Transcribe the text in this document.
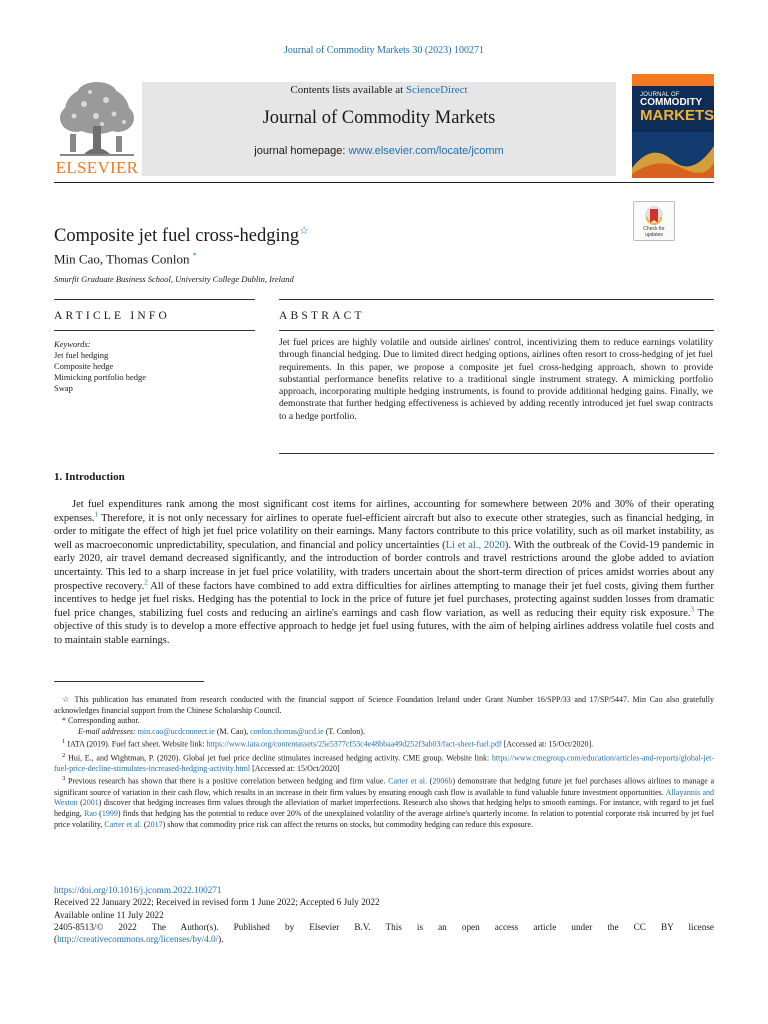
Journal of Commodity Markets 30 (2023) 100271
ELSEVIER
Contents lists available at ScienceDirect
Journal of Commodity Markets
journal homepage: www.elsevier.com/locate/jcomm
JOURNAL OF
COMMODITY
MARKETS
Check for updates
Composite jet fuel cross-hedging☆
Min Cao, Thomas Conlon *
Smurfit Graduate Business School, University College Dublin, Ireland
ARTICLE INFO	ABSTRACT
Keywords:
Jet fuel hedging
Composite hedge
Mimicking portfolio hedge
Swap
Jet fuel prices are highly volatile and outside airlines' control, incentivizing them to reduce earnings volatility through financial hedging. Due to limited direct hedging options, airlines often resort to cross-hedging of jet fuel requirements. In this paper, we propose a composite jet fuel cross-hedging approach, shown to provide substantial performance benefits relative to a traditional single instrument strategy. A mimicking portfolio approach, incorporating multiple hedging instruments, is found to provide additional hedging gains. Finally, we demonstrate that further hedging effectiveness is achieved by adding recently introduced jet fuel swap contracts to a hedge portfolio.
1. Introduction
Jet fuel expenditures rank among the most significant cost items for airlines, accounting for somewhere between 20% and 30% of their operating expenses.$^1$ Therefore, it is not only necessary for airlines to operate fuel-efficient aircraft but also to execute other strategies, such as financial hedging, in order to mitigate the effect of high jet fuel price volatility on their earnings. Many factors contribute to this price volatility, such as oil market instability, as well as macroeconomic unpredictability, speculation, and financial and policy uncertainties (Li et al., 2020). With the outbreak of the Covid-19 pandemic in early 2020, air travel demand decreased significantly, and the introduction of border controls and travel restrictions around the globe added to aviation uncertainty. This led to a sharp increase in jet fuel price volatility, with traders uncertain about the short-term direction of prices amidst worries about any prospective recovery.$^2$ All of these factors have combined to add extra difficulties for airlines attempting to manage their jet fuel costs, giving them further incentives to hedge jet fuel risks. Hedging has the potential to lock in the price of future jet fuel purchases, protecting against sudden losses from dramatic fuel price changes, stabilizing fuel costs and reducing an airline's earnings and cash flow variation, as well as reducing their equity risk exposure.$^3$ The objective of this study is to develop a more effective approach to hedge jet fuel using futures, with the aim of helping airlines address volatile fuel costs and to maintain stable earnings.

☆ This publication has emanated from research conducted with the financial support of Science Foundation Ireland under Grant Number 16/SPP/33 and 17/SP/5447. Min Cao also gratefully acknowledges financial support from the Chinese Scholarship Council.

* Corresponding author.

E-mail addresses: min.cao@ucdconnect.ie (M. Cao), conlon.thomas@ucd.ie (T. Conlon).

$^1$ IATA (2019). Fuel fact sheet. Website link: https://www.iata.org/contentassets/25e5377cf53c4e48bbaa49d252f3ab03/fact-sheet-fuel.pdf [Accessed at: 15/Oct/2020].

$^2$ Hui, E., and Wightman, P. (2020). Global jet fuel price decline stimulates increased hedging activity. CME group. Website link: https://www.cmegroup.com/education/articles-and-reports/global-jet-fuel-price-decline-stimulates-increased-hedging-activity.html [Accessed at: 15/Oct/2020]

$^3$ Previous research has shown that there is a positive correlation between hedging and firm value. Carter et al. (2006b) demonstrate that hedging future jet fuel purchases allows airlines to manage a significant source of variation in their cash flow, which results in an increase in their firm values by ensuring enough cash flow is available to fund valuable future investment opportunities. Allayannis and Weston (2001) discover that hedging increases firm values through the alleviation of market imperfections. Research also shows that hedging helps to smooth earnings. For instance, with regard to jet fuel hedging, Rao (1999) finds that hedging has the potential to reduce over 20% of the unexplained volatility of the average airline's quarterly income. In relation to potential corporate risk incurred by jet fuel price volatility, Carter et al. (2017) show that commodity price risk can affect the returns on stocks, but commodity hedging can reduce this exposure.

https://doi.org/10.1016/j.jcomm.2022.100271

Received 22 January 2022; Received in revised form 1 June 2022; Accepted 6 July 2022

Available online 11 July 2022

2405-8513/© 2022 The Author(s). Published by Elsevier B.V. This is an open access article under the CC BY license

(http://creativecommons.org/licenses/by/4.0/).
